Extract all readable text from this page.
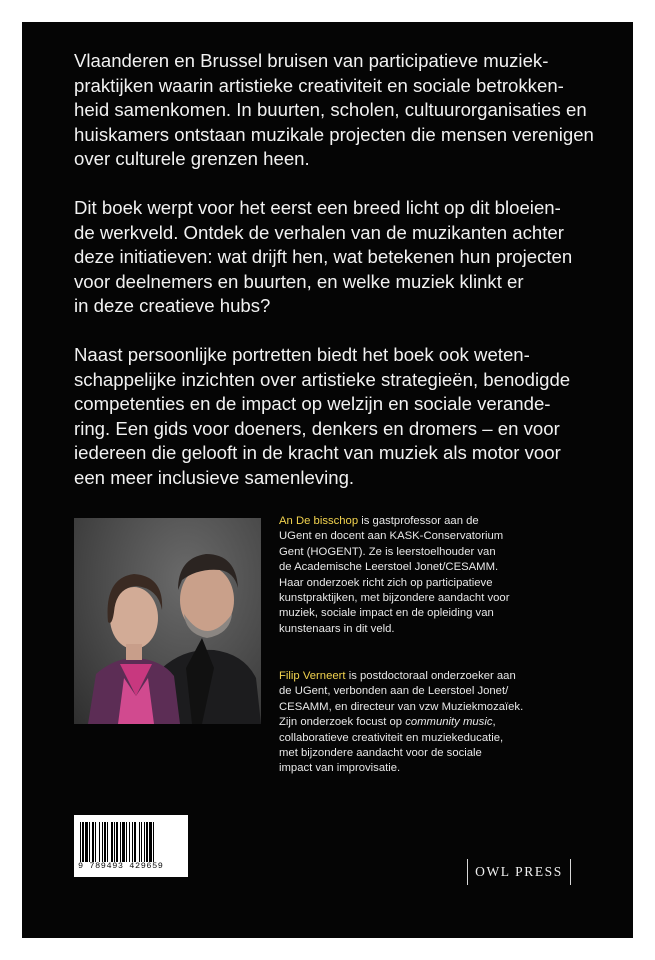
Vlaanderen en Brussel bruisen van participatieve muziek-
praktijken waarin artistieke creativiteit en sociale betrokken-
heid samenkomen. In buurten, scholen, cultuurorganisaties en
huiskamers ontstaan muzikale projecten die mensen verenigen
over culturele grenzen heen.

Dit boek werpt voor het eerst een breed licht op dit bloeien-
de werkveld. Ontdek de verhalen van de muzikanten achter
deze initiatieven: wat drijft hen, wat betekenen hun projecten
voor deelnemers en buurten, en welke muziek klinkt er
in deze creatieve hubs?

Naast persoonlijke portretten biedt het boek ook weten-
schappelijke inzichten over artistieke strategieën, benodigde
competenties en de impact op welzijn en sociale verande-
ring. Een gids voor doeners, denkers en dromers – en voor
iedereen die gelooft in de kracht van muziek als motor voor
een meer inclusieve samenleving.

An De bisschop is gastprofessor aan de
UGent en docent aan KASK-Conservatorium
Gent (HOGENT). Ze is leerstoelhouder van
de Academische Leerstoel Jonet/CESAMM.
Haar onderzoek richt zich op participatieve
kunstpraktijken, met bijzondere aandacht voor
muziek, sociale impact en de opleiding van
kunstenaars in dit veld.
Filip Verneert is postdoctoraal onderzoeker aan
de UGent, verbonden aan de Leerstoel Jonet/
CESAMM, en directeur van vzw Muziekmozaïek.
Zijn onderzoek focust op community music,
collaboratieve creativiteit en muziekeducatie,
met bijzondere aandacht voor de sociale
impact van improvisatie.
9 789493 429659	OWL PRESS
